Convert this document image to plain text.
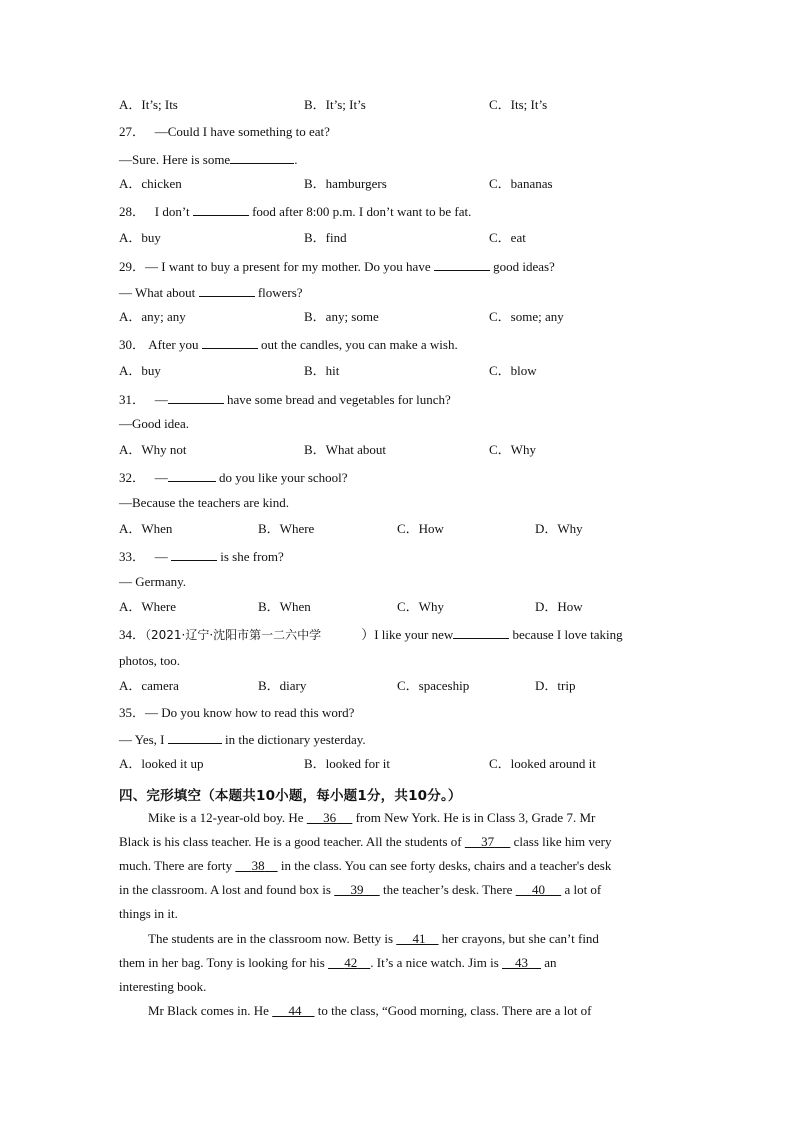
A．It’s; Its	B．It’s; It’s	C．Its; It’s
27． —Could I have something to eat?
—Sure. Here is some	.
A．chicken	B．hamburgers	C．bananas
28． I don’t	food after 8:00 p.m. I don’t want to be fat.
A．buy	B．find	C．eat
29．— I want to buy a present for my mother. Do you have	good ideas?
— What about	flowers?
A．any; any	B．any; some	C．some; any
30． After you	out the candles, you can make a wish.
A．buy	B．hit	C．blow
31． —	have some bread and vegetables for lunch?
—Good idea.
A．Why not	B．What about	C．Why
32． —	do you like your school?
—Because the teachers are kind.
A．When	B．Where	C．How	D．Why
33． —	is she from?
— Germany.
A．Where	B．When	C．Why	D．How
34．（2021·辽宁·沈阳市第一二六中学	）I like your new	because I love taking
photos, too.
A．camera	B．diary	C．spaceship	D．trip
35．— Do you know how to read this word?
— Yes, I	in the dictionary yesterday.
A．looked it up	B．looked for it	C．looked around it
四、完形填空（本题共10小题，每小题1分，共10分。）
Mike is a 12-year-old boy. He 36 from New York. He is in Class 3, Grade 7. Mr
Black is his class teacher. He is a good teacher. All the students of 37 class like him very
much. There are forty 38 in the class. You can see forty desks, chairs and a teacher's desk
in the classroom. A lost and found box is 39 the teacher’s desk. There 40 a lot of
things in it.
The students are in the classroom now. Betty is 41 her crayons, but she can’t find
them in her bag. Tony is looking for his 42 . It’s a nice watch. Jim is 43 an
interesting book.
Mr Black comes in. He 44 to the class, “Good morning, class. There are a lot of
